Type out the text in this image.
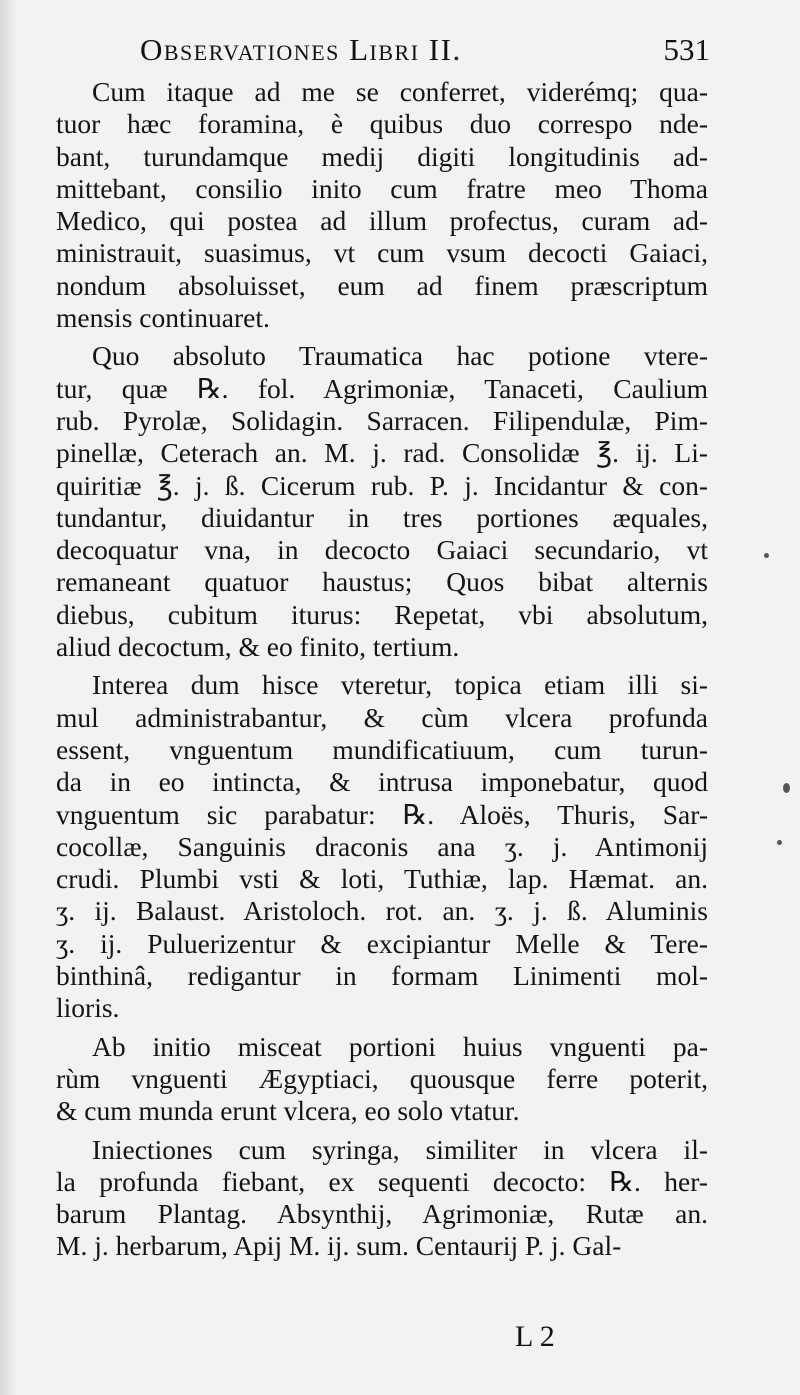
Observationes Libri II.	531
Cum itaque ad me se conferret, viderémq; qua-
tuor hæc foramina, è quibus duo correspo nde-
bant, turundamque medij digiti longitudinis ad-
mittebant, consilio inito cum fratre meo Thoma
Medico, qui postea ad illum profectus, curam ad-
ministrauit, suasimus, vt cum vsum decocti Gaiaci,
nondum absoluisset, eum ad finem præscriptum
mensis continuaret.
Quo absoluto Traumatica hac potione vtere-
tur, quæ ℞. fol. Agrimoniæ, Tanaceti, Caulium
rub. Pyrolæ, Solidagin. Sarracen. Filipendulæ, Pim-
pinellæ, Ceterach an. M. j. rad. Consolidæ ℥. ij. Li-
quiritiæ ℥. j. ß. Cicerum rub. P. j. Incidantur & con-
tundantur, diuidantur in tres portiones æquales,
decoquatur vna, in decocto Gaiaci secundario, vt
remaneant quatuor haustus; Quos bibat alternis
diebus, cubitum iturus: Repetat, vbi absolutum,
aliud decoctum, & eo finito, tertium.
Interea dum hisce vteretur, topica etiam illi si-
mul administrabantur, & cùm vlcera profunda
essent, vnguentum mundificatiuum, cum turun-
da in eo intincta, & intrusa imponebatur, quod
vnguentum sic parabatur: ℞. Aloës, Thuris, Sar-
cocollæ, Sanguinis draconis ana ʒ. j. Antimonij
crudi. Plumbi vsti & loti, Tuthiæ, lap. Hæmat. an.
ʒ. ij. Balaust. Aristoloch. rot. an. ʒ. j. ß. Aluminis
ʒ. ij. Puluerizentur & excipiantur Melle & Tere-
binthinâ, redigantur in formam Linimenti mol-
lioris.
Ab initio misceat portioni huius vnguenti pa-
rùm vnguenti Ægyptiaci, quousque ferre poterit,
& cum munda erunt vlcera, eo solo vtatur.
Iniectiones cum syringa, similiter in vlcera il-
la profunda fiebant, ex sequenti decocto: ℞. her-
barum Plantag. Absynthij, Agrimoniæ, Rutæ an.
M. j. herbarum, Apij M. ij. sum. Centaurij P. j. Gal-
L 2
